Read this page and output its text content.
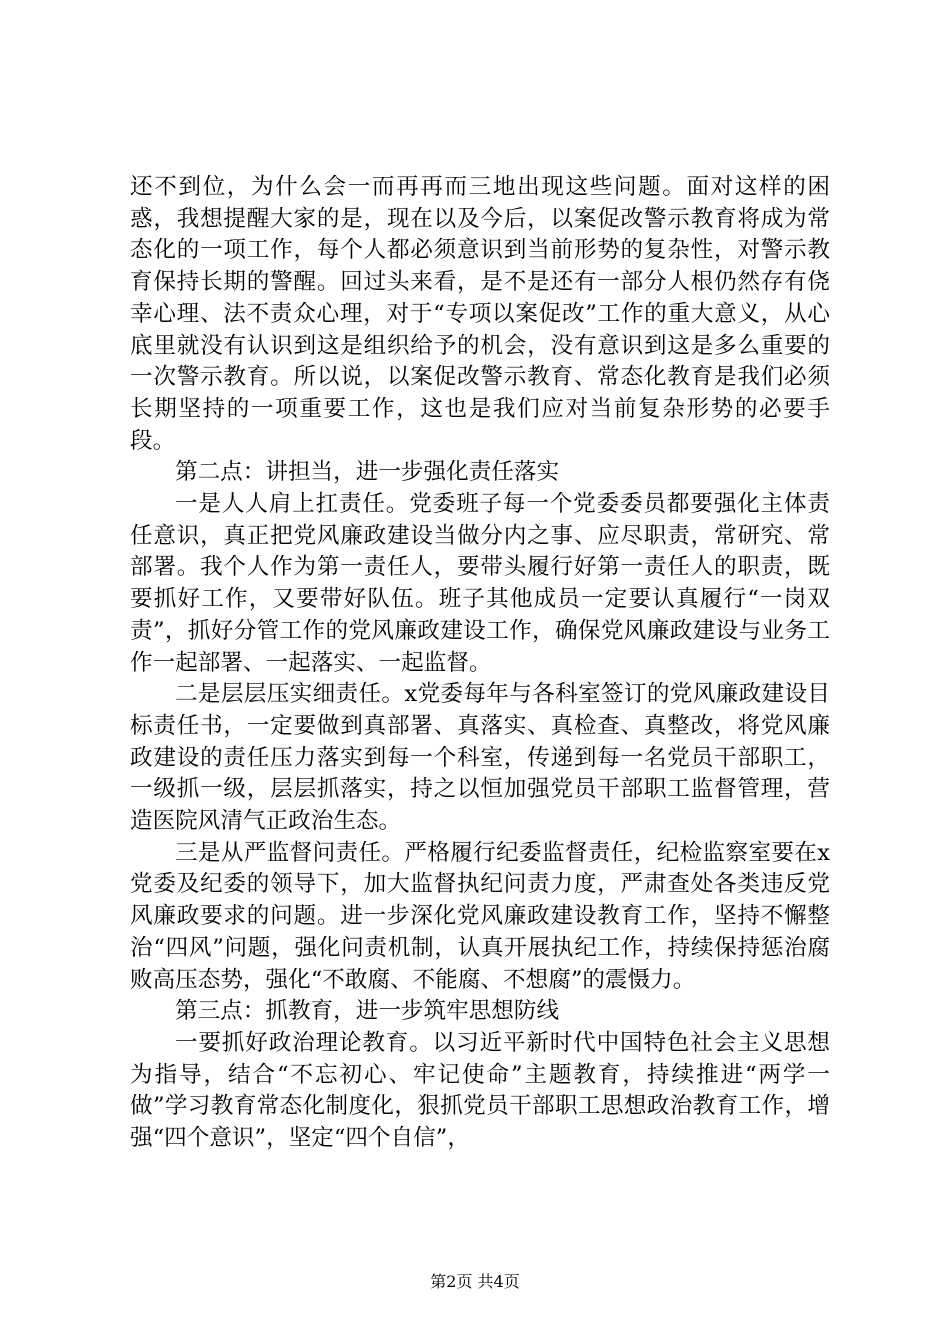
还不到位，为什么会一而再再而三地出现这些问题。面对这样的困惑，我想提醒大家的是，现在以及今后，以案促改警示教育将成为常态化的一项工作，每个人都必须意识到当前形势的复杂性，对警示教育保持长期的警醒。回过头来看，是不是还有一部分人根仍然存有侥幸心理、法不责众心理，对于“专项以案促改”工作的重大意义，从心底里就没有认识到这是组织给予的机会，没有意识到这是多么重要的一次警示教育。所以说，以案促改警示教育、常态化教育是我们必须长期坚持的一项重要工作，这也是我们应对当前复杂形势的必要手段。

第二点：讲担当，进一步强化责任落实

一是人人肩上扛责任。党委班子每一个党委委员都要强化主体责任意识，真正把党风廉政建设当做分内之事、应尽职责，常研究、常部署。我个人作为第一责任人，要带头履行好第一责任人的职责，既要抓好工作，又要带好队伍。班子其他成员一定要认真履行“一岗双责”，抓好分管工作的党风廉政建设工作，确保党风廉政建设与业务工作一起部署、一起落实、一起监督。

二是层层压实细责任。x党委每年与各科室签订的党风廉政建设目标责任书，一定要做到真部署、真落实、真检查、真整改，将党风廉政建设的责任压力落实到每一个科室，传递到每一名党员干部职工，一级抓一级，层层抓落实，持之以恒加强党员干部职工监督管理，营造医院风清气正政治生态。

三是从严监督问责任。严格履行纪委监督责任，纪检监察室要在x党委及纪委的领导下，加大监督执纪问责力度，严肃查处各类违反党风廉政要求的问题。进一步深化党风廉政建设教育工作，坚持不懈整治“四风”问题，强化问责机制，认真开展执纪工作，持续保持惩治腐败高压态势，强化“不敢腐、不能腐、不想腐”的震慑力。

第三点：抓教育，进一步筑牢思想防线

一要抓好政治理论教育。以习近平新时代中国特色社会主义思想为指导，结合“不忘初心、牢记使命”主题教育，持续推进“两学一做”学习教育常态化制度化，狠抓党员干部职工思想政治教育工作，增强“四个意识”，坚定“四个自信”，

第2页 共4页
